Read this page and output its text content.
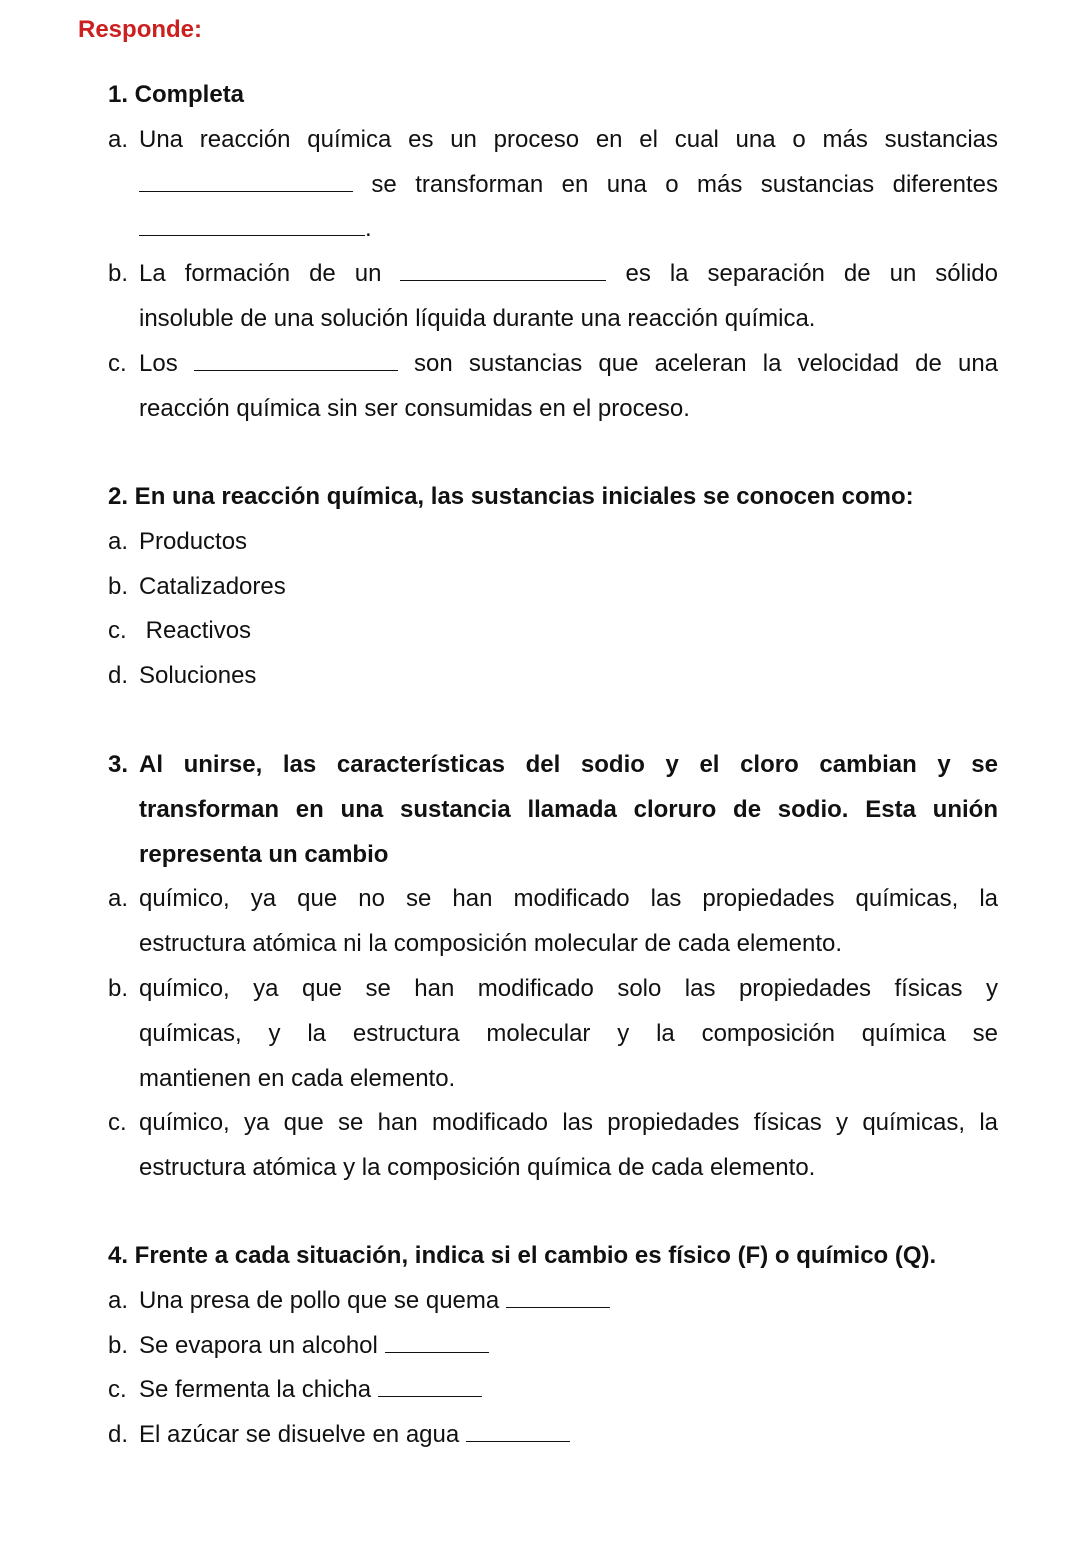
Responde:
1. Completa
a. Una reacción química es un proceso en el cual una o más sustancias
se transforman en una o más sustancias diferentes
.
b. La formación de un	es la separación de un sólido
insoluble de una solución líquida durante una reacción química.
c. Los	son sustancias que aceleran la velocidad de una
reacción química sin ser consumidas en el proceso.
2. En una reacción química, las sustancias iniciales se conocen como:
a. Productos
b. Catalizadores
c. Reactivos
d. Soluciones
3. Al unirse, las características del sodio y el cloro cambian y se
transforman en una sustancia llamada cloruro de sodio. Esta unión
representa un cambio
a. químico, ya que no se han modificado las propiedades químicas, la
estructura atómica ni la composición molecular de cada elemento.
b. químico, ya que se han modificado solo las propiedades físicas y
químicas, y la estructura molecular y la composición química se
mantienen en cada elemento.
c. químico, ya que se han modificado las propiedades físicas y químicas, la
estructura atómica y la composición química de cada elemento.
4. Frente a cada situación, indica si el cambio es físico (F) o químico (Q).
a. Una presa de pollo que se quema
b. Se evapora un alcohol
c. Se fermenta la chicha
d. El azúcar se disuelve en agua
